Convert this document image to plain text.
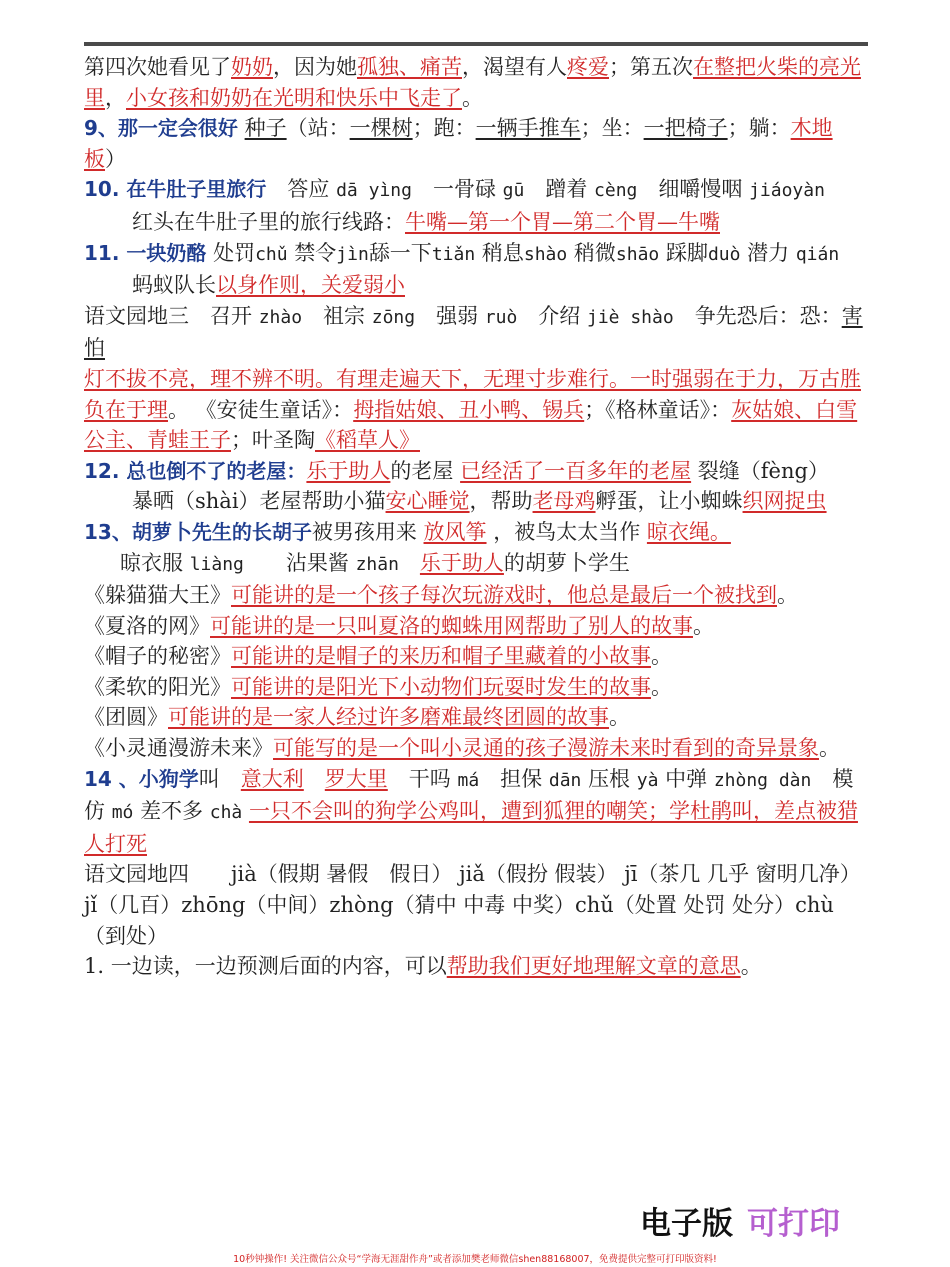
第四次她看见了奶奶，因为她孤独、痛苦，渴望有人疼爱；第五次在整把火柴的亮光里，小女孩和奶奶在光明和快乐中飞走了。

9、那一定会很好 种子（站：一棵树；跑：一辆手推车；坐：一把椅子；躺：木地板）

10. 在牛肚子里旅行　 答应 dā yìng　 一骨碌 gū　 蹭着 cèng　 细嚼慢咽 jiáoyàn

红头在牛肚子里的旅行线路：牛嘴—第一个胃—第二个胃—牛嘴

11. 一块奶酪 处罚chǔ 禁令jìn舔一下tiǎn 稍息shào 稍微shāo 踩脚duò 潜力 qián

蚂蚁队长以身作则，关爱弱小

语文园地三　 召开 zhào　 祖宗 zōng　 强弱 ruò　 介绍 jiè shào　 争先恐后：恐：害怕

灯不拔不亮，理不辨不明。有理走遍天下，无理寸步难行。一时强弱在于力，万古胜负在于理。 《安徒生童话》：拇指姑娘、丑小鸭、锡兵；《格林童话》：灰姑娘、白雪公主、青蛙王子；叶圣陶《稻草人》

12. 总也倒不了的老屋：乐于助人的老屋 已经活了一百多年的老屋 裂缝（fèng）

暴晒（shài）老屋帮助小猫安心睡觉，帮助老母鸡孵蛋，让小蜘蛛织网捉虫

13、胡萝卜先生的长胡子被男孩用来 放风筝 ，被鸟太太当作 晾衣绳。

晾衣服 liàng　　 沾果酱 zhān　 乐于助人的胡萝卜学生

《躲猫猫大王》可能讲的是一个孩子每次玩游戏时，他总是最后一个被找到。

《夏洛的网》可能讲的是一只叫夏洛的蜘蛛用网帮助了别人的故事。

《帽子的秘密》可能讲的是帽子的来历和帽子里藏着的小故事。

《柔软的阳光》可能讲的是阳光下小动物们玩耍时发生的故事。

《团圆》可能讲的是一家人经过许多磨难最终团圆的故事。

《小灵通漫游未来》可能写的是一个叫小灵通的孩子漫游未来时看到的奇异景象。

14 、小狗学叫　 意大利　 罗大里　 干吗 má　 担保 dān 压根 yà 中弹 zhòng dàn　 模仿 mó 差不多 chà 一只不会叫的狗学公鸡叫，遭到狐狸的嘲笑；学杜鹃叫，差点被猎人打死

语文园地四　　jià（假期 暑假　假日） jiǎ（假扮 假装） jī（茶几 几乎 窗明几净）

jǐ（几百）zhōng（中间）zhòng（猜中 中毒 中奖）chǔ（处置 处罚 处分）chù（到处）

1. 一边读，一边预测后面的内容，可以帮助我们更好地理解文章的意思。

电子版 可打印
10秒钟操作! 关注微信公众号“学海无涯甜作舟”或者添加樊老师微信shen88168007，免费提供完整可打印版资料!
